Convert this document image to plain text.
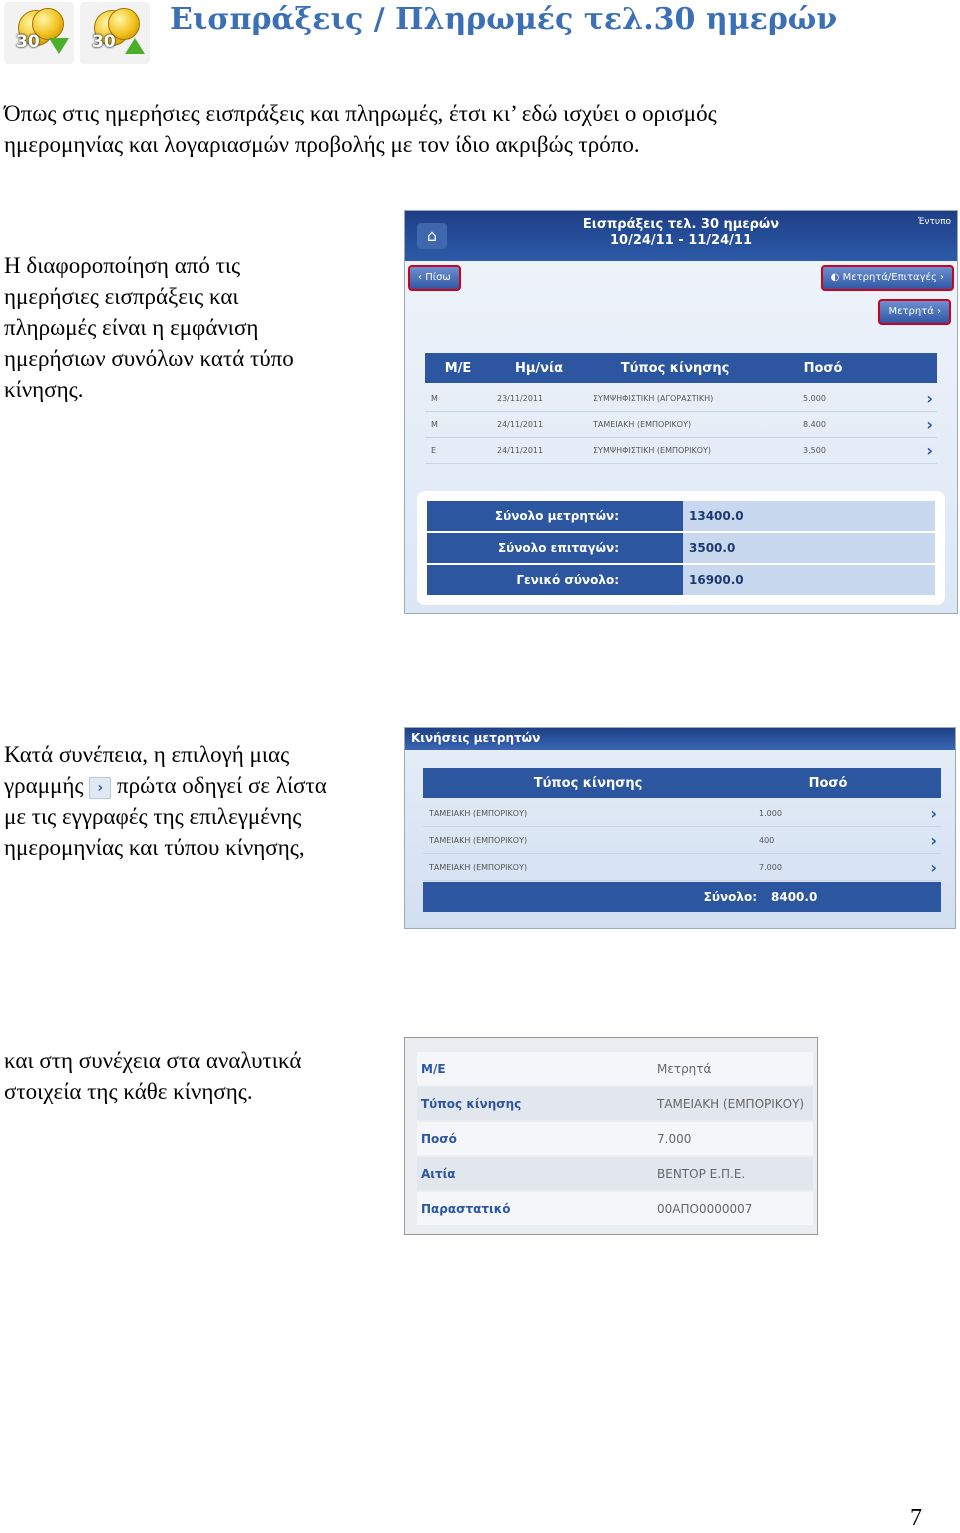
30	30
Εισπράξεις / Πληρωμές τελ.30 ημερών
Όπως στις ημερήσιες εισπράξεις και πληρωμές, έτσι κι’ εδώ ισχύει ο ορισμός
ημερομηνίας και λογαριασμών προβολής με τον ίδιο ακριβώς τρόπο.
Η διαφοροποίηση από τις
ημερήσιες εισπράξεις και
πληρωμές είναι η εμφάνιση
ημερήσιων συνόλων κατά τύπο
κίνησης.
⌂
Εισπράξεις τελ. 30 ημερών
10/24/11 - 11/24/11
Έντυπο
‹ Πίσω	◐ Μετρητά/Επιταγές ›
Μετρητά ›
Μ/Ε	Ημ/νία	Τύπος κίνησης	Ποσό
Μ	23/11/2011	ΣΥΜΨΗΦΙΣΤΙΚΗ (ΑΓΟΡΑΣΤΙΚΗ)	5.000	›
Μ	24/11/2011	ΤΑΜΕΙΑΚΗ (ΕΜΠΟΡΙΚΟΥ)	8.400	›
Ε	24/11/2011	ΣΥΜΨΗΦΙΣΤΙΚΗ (ΕΜΠΟΡΙΚΟΥ)	3.500	›
Σύνολο μετρητών:	13400.0
Σύνολο επιταγών:	3500.0
Γενικό σύνολο:	16900.0
Κατά συνέπεια, η επιλογή μιας
γραμμής › πρώτα οδηγεί σε λίστα
με τις εγγραφές της επιλεγμένης
ημερομηνίας και τύπου κίνησης,
Κινήσεις μετρητών
Τύπος κίνησης	Ποσό
ΤΑΜΕΙΑΚΗ (ΕΜΠΟΡΙΚΟΥ)	1.000	›
ΤΑΜΕΙΑΚΗ (ΕΜΠΟΡΙΚΟΥ)	400	›
ΤΑΜΕΙΑΚΗ (ΕΜΠΟΡΙΚΟΥ)	7.000	›
Σύνολο:	8400.0
και στη συνέχεια στα αναλυτικά
στοιχεία της κάθε κίνησης.
Μ/Ε	Μετρητά
Τύπος κίνησης	ΤΑΜΕΙΑΚΗ (ΕΜΠΟΡΙΚΟΥ)
Ποσό	7.000
Αιτία	ΒΕΝΤΟΡ Ε.Π.Ε.
Παραστατικό	00ΑΠΟ0000007
7
